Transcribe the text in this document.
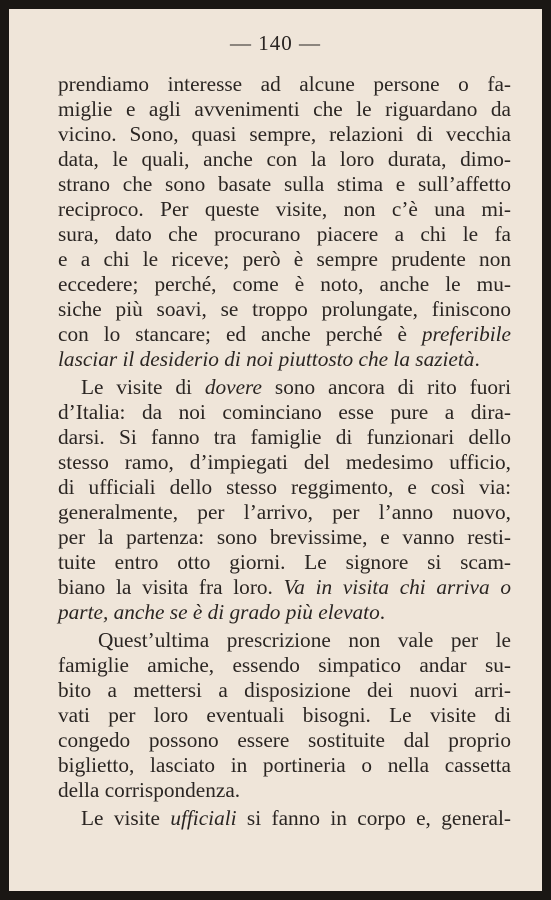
— 140 —
prendiamo interesse ad alcune persone o fa-
miglie e agli avvenimenti che le riguardano da
vicino. Sono, quasi sempre, relazioni di vecchia
data, le quali, anche con la loro durata, dimo-
strano che sono basate sulla stima e sull’affetto
reciproco. Per queste visite, non c’è una mi-
sura, dato che procurano piacere a chi le fa
e a chi le riceve; però è sempre prudente non
eccedere; perché, come è noto, anche le mu-
siche più soavi, se troppo prolungate, finiscono
con lo stancare; ed anche perché è preferibile
lasciar il desiderio di noi piuttosto che la sazietà.
Le visite di dovere sono ancora di rito fuori
d’Italia: da noi cominciano esse pure a dira-
darsi. Si fanno tra famiglie di funzionari dello
stesso ramo, d’impiegati del medesimo ufficio,
di ufficiali dello stesso reggimento, e così via:
generalmente, per l’arrivo, per l’anno nuovo,
per la partenza: sono brevissime, e vanno resti-
tuite entro otto giorni. Le signore si scam-
biano la visita fra loro. Va in visita chi arriva o
parte, anche se è di grado più elevato.
Quest’ultima prescrizione non vale per le
famiglie amiche, essendo simpatico andar su-
bito a mettersi a disposizione dei nuovi arri-
vati per loro eventuali bisogni. Le visite di
congedo possono essere sostituite dal proprio
biglietto, lasciato in portineria o nella cassetta
della corrispondenza.
Le visite ufficiali si fanno in corpo e, general-
